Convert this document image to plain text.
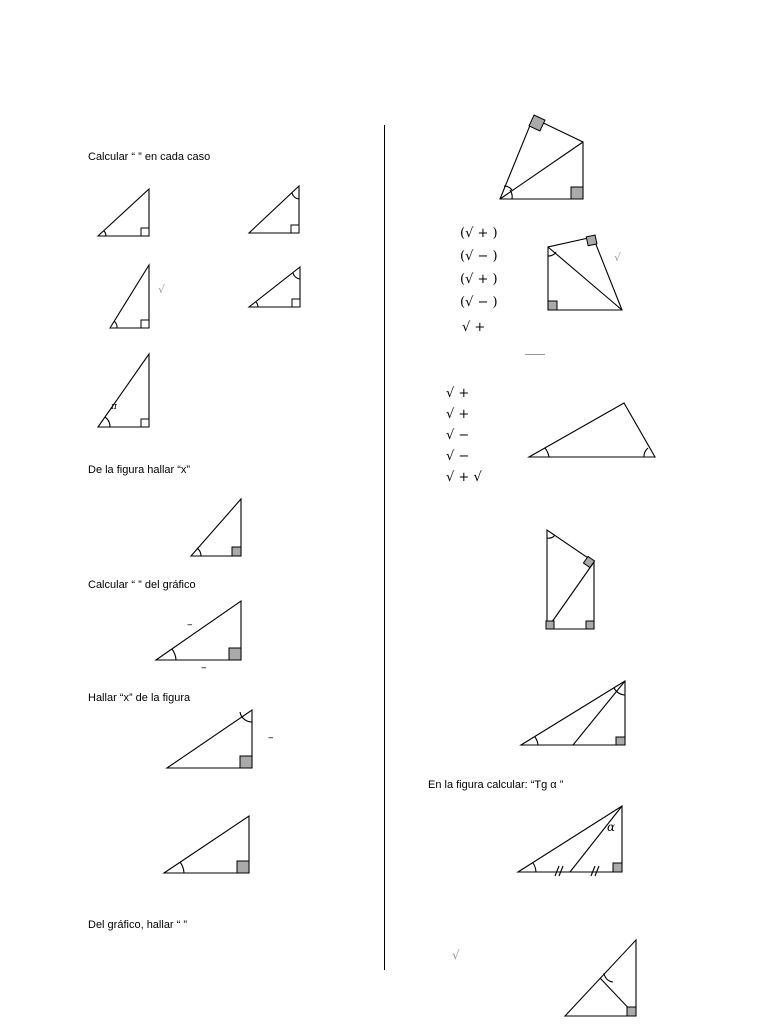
Calcular “ ” en cada caso
De la figura hallar “x”
Calcular “ ” del gráfico
Hallar “x” de la figura
Del gráfico, hallar “ ”
En la figura calcular: “Tg α ”
π
α
–
–
–
√
√
√
(√ + )
(√ − )
(√ + )
(√ − )
√ +
√ +
√ +
√ −
√ −
√ + √
